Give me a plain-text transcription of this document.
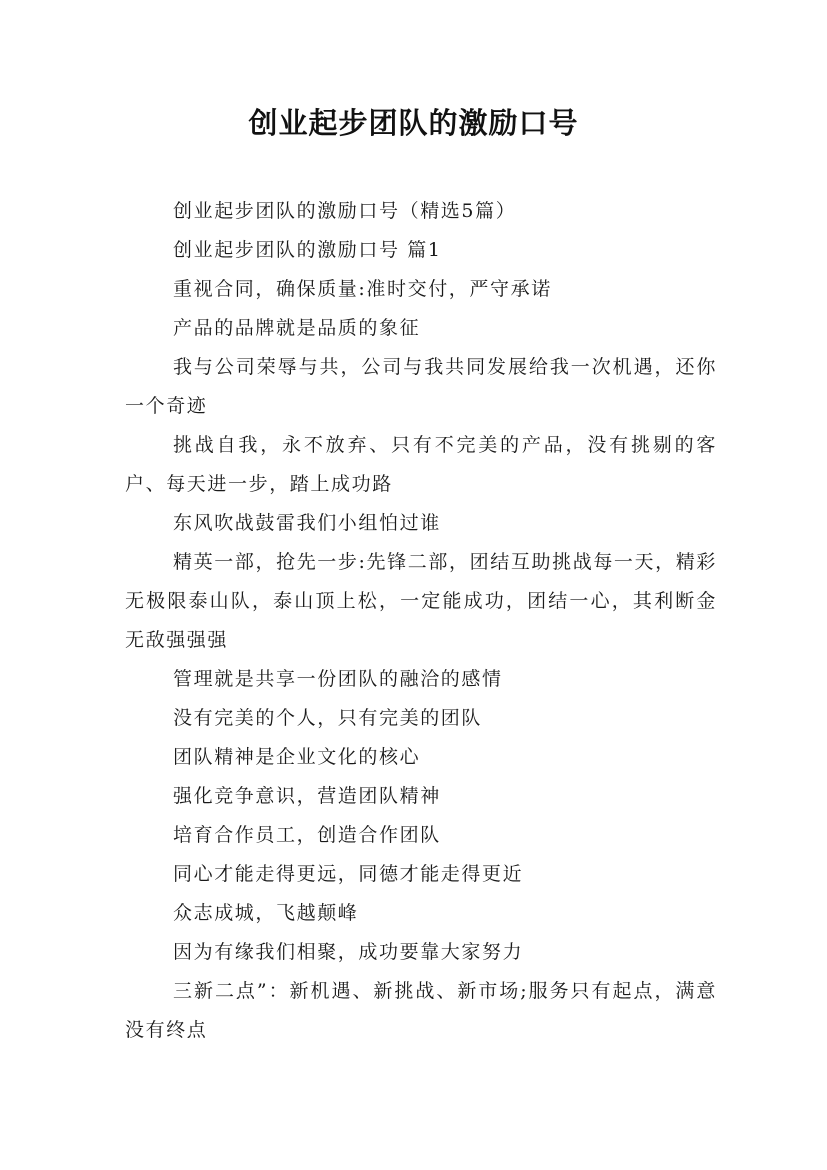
创业起步团队的激励口号

创业起步团队的激励口号（精选5篇）

创业起步团队的激励口号 篇1

重视合同，确保质量:准时交付，严守承诺

产品的品牌就是品质的象征

我与公司荣辱与共，公司与我共同发展给我一次机遇，还你一个奇迹

挑战自我，永不放弃、只有不完美的产品，没有挑剔的客户、每天进一步，踏上成功路

东风吹战鼓雷我们小组怕过谁

精英一部，抢先一步:先锋二部，团结互助挑战每一天，精彩无极限泰山队，泰山顶上松，一定能成功，团结一心，其利断金无敌强强强

管理就是共享一份团队的融洽的感情

没有完美的个人，只有完美的团队

团队精神是企业文化的核心

强化竞争意识，营造团队精神

培育合作员工，创造合作团队

同心才能走得更远，同德才能走得更近

众志成城，飞越颠峰

因为有缘我们相聚，成功要靠大家努力

三新二点”：新机遇、新挑战、新市场;服务只有起点，满意没有终点
